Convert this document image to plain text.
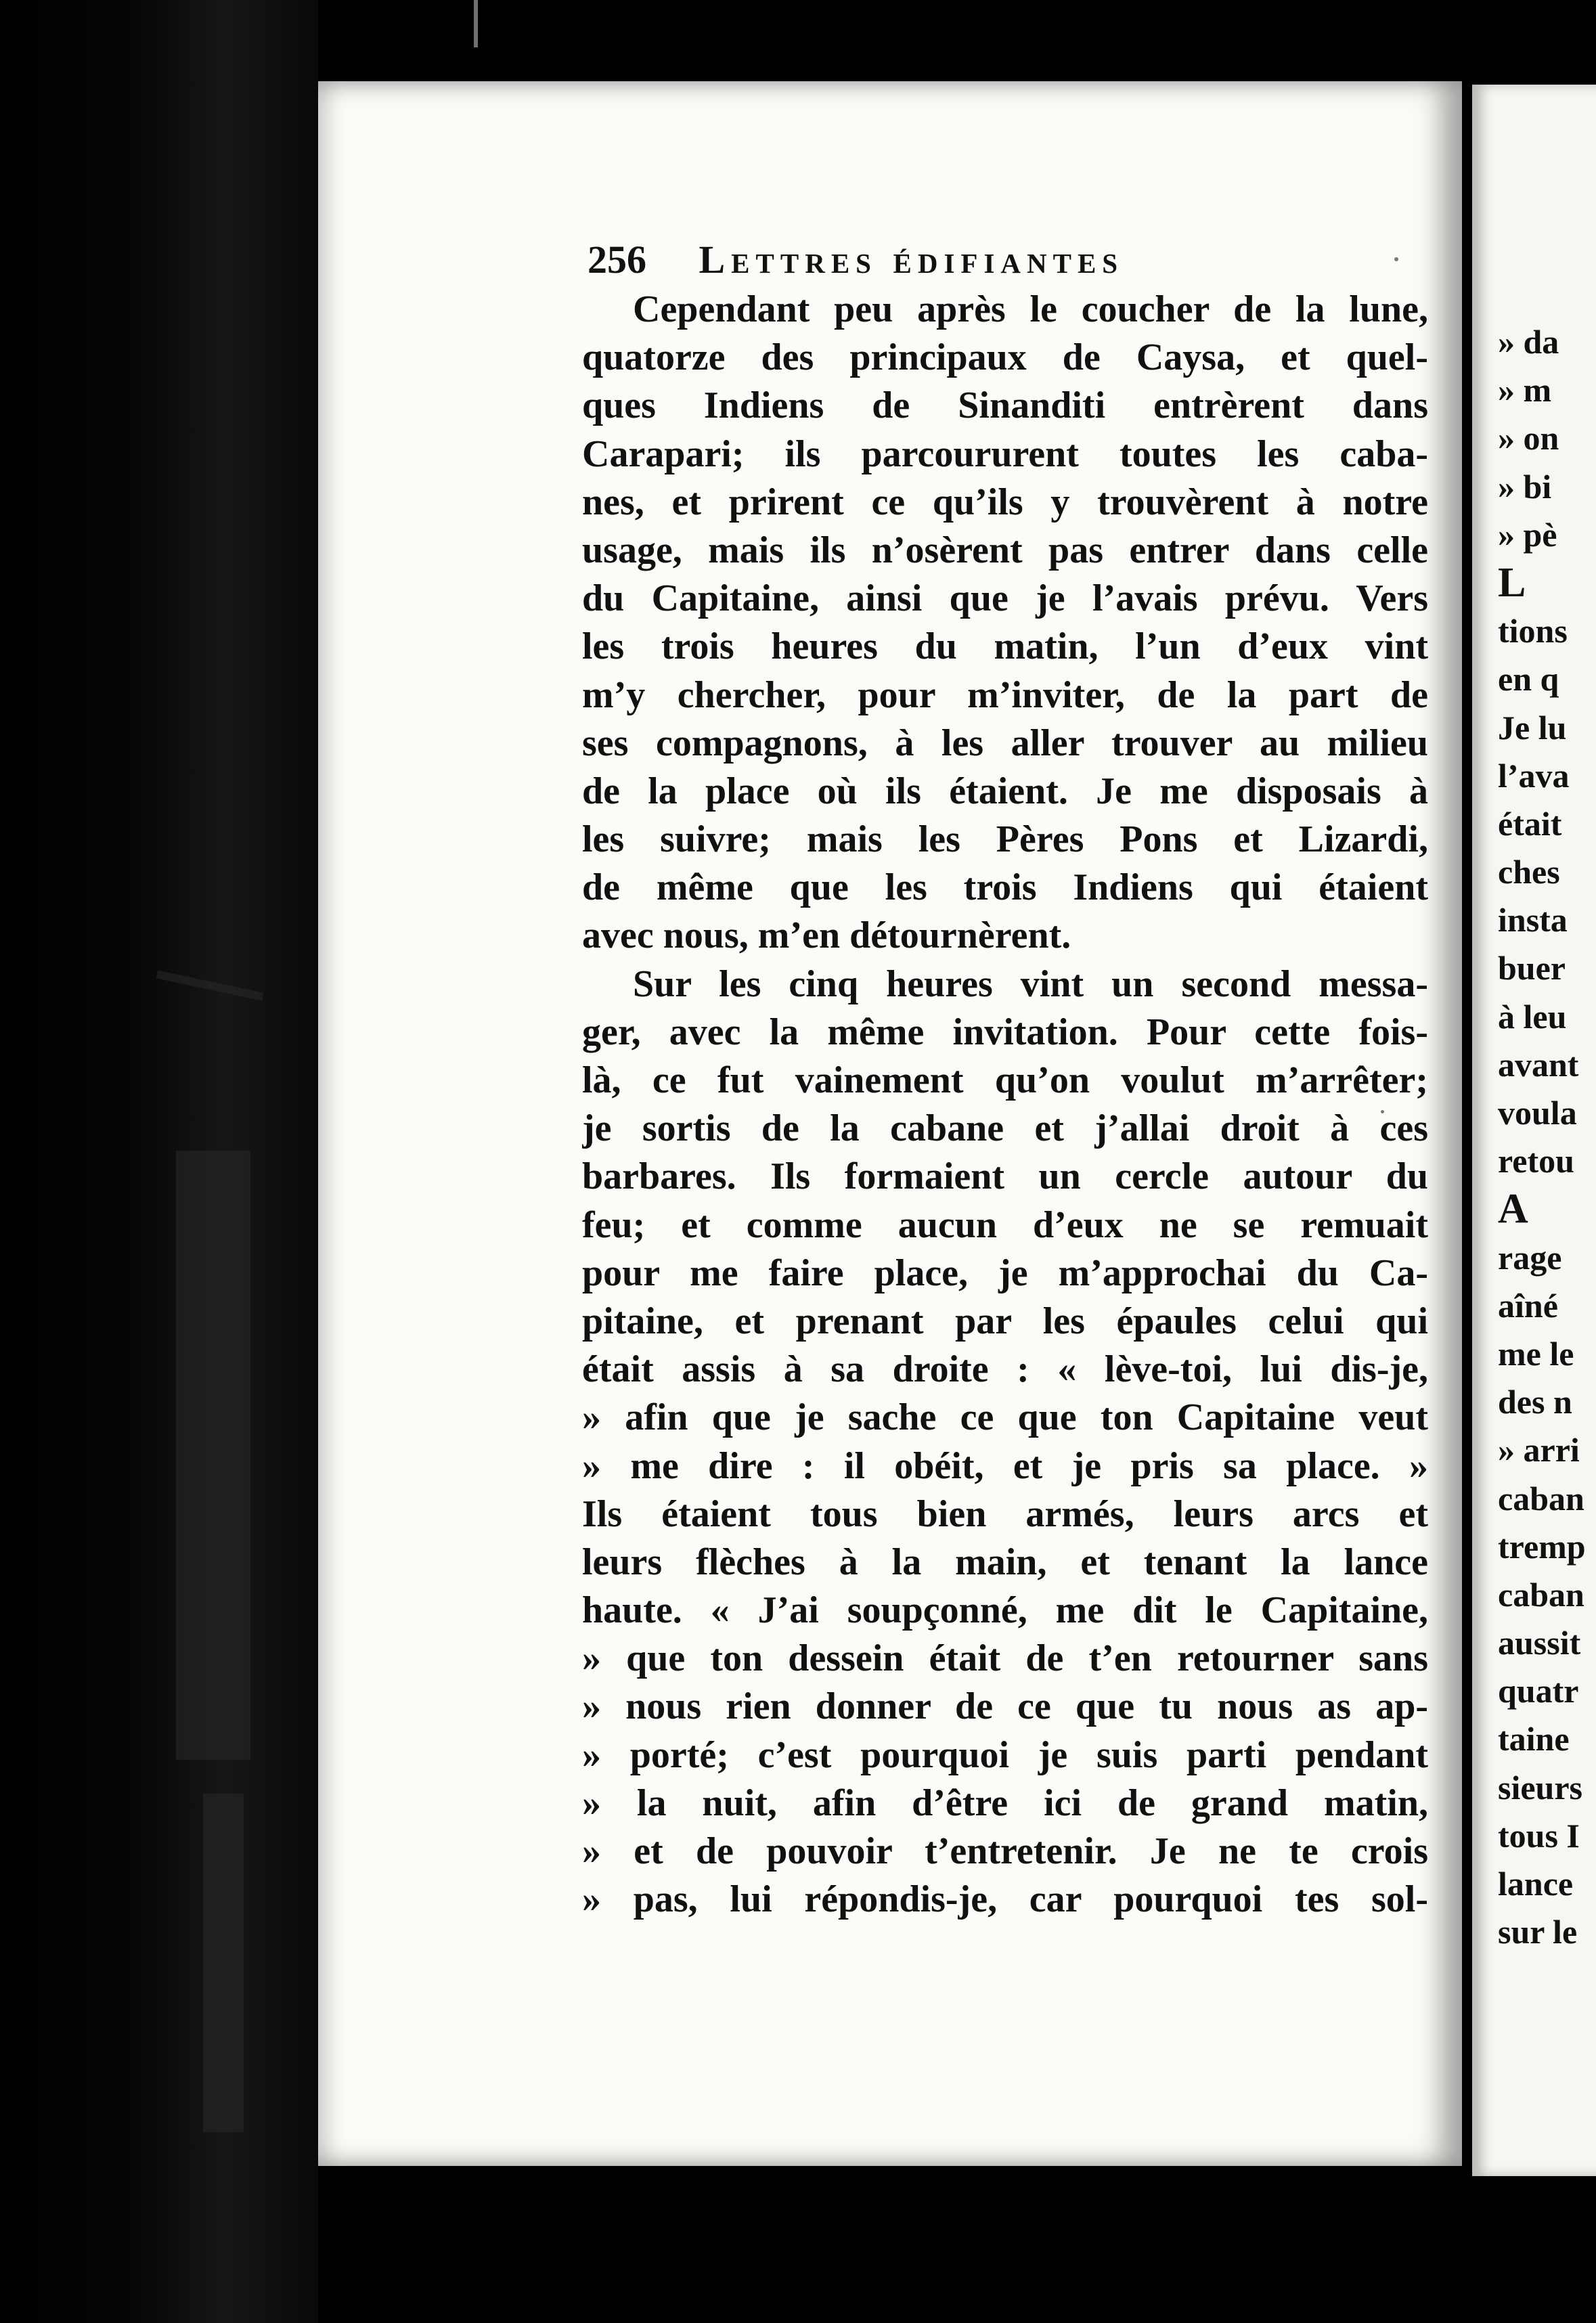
256 Lettres édifiantes
Cependant peu après le coucher de la lune,
quatorze des principaux de Caysa, et quel-
ques Indiens de Sinanditi entrèrent dans
Carapari; ils parcoururent toutes les caba-
nes, et prirent ce qu’ils y trouvèrent à notre
usage, mais ils n’osèrent pas entrer dans celle
du Capitaine, ainsi que je l’avais prévu. Vers
les trois heures du matin, l’un d’eux vint
m’y chercher, pour m’inviter, de la part de
ses compagnons, à les aller trouver au milieu
de la place où ils étaient. Je me disposais à
les suivre; mais les Pères Pons et Lizardi,
de même que les trois Indiens qui étaient
avec nous, m’en détournèrent.
Sur les cinq heures vint un second messa-
ger, avec la même invitation. Pour cette fois-
là, ce fut vainement qu’on voulut m’arrêter;
je sortis de la cabane et j’allai droit à ces
barbares. Ils formaient un cercle autour du
feu; et comme aucun d’eux ne se remuait
pour me faire place, je m’approchai du Ca-
pitaine, et prenant par les épaules celui qui
était assis à sa droite : « lève-toi, lui dis-je,
» afin que je sache ce que ton Capitaine veut
» me dire : il obéit, et je pris sa place. »
Ils étaient tous bien armés, leurs arcs et
leurs flèches à la main, et tenant la lance
haute. « J’ai soupçonné, me dit le Capitaine,
» que ton dessein était de t’en retourner sans
» nous rien donner de ce que tu nous as ap-
» porté; c’est pourquoi je suis parti pendant
» la nuit, afin d’être ici de grand matin,
» et de pouvoir t’entretenir. Je ne te crois
» pas, lui répondis-je, car pourquoi tes sol-
» da
» m
» on
» bi
» pè
L
tions
en q
Je lu
l’ava
était
ches
insta
buer
à leu
avant
voula
retou
A
rage
aîné
me le
des n
» arri
caban
tremp
caban
aussit
quatr
taine
sieurs
tous I
lance
sur le
